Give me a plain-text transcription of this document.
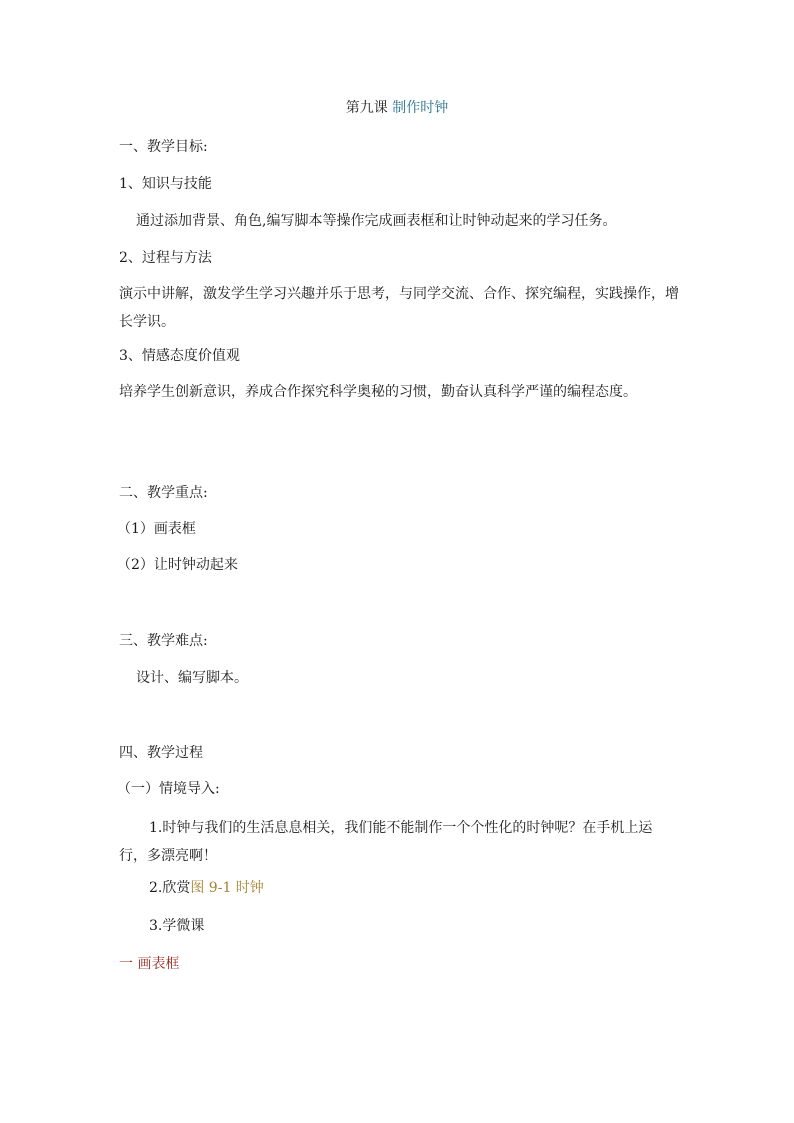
第九课 制作时钟
一、教学目标:
1、知识与技能
通过添加背景、角色,编写脚本等操作完成画表框和让时钟动起来的学习任务。
2、过程与方法
演示中讲解，激发学生学习兴趣并乐于思考，与同学交流、合作、探究编程，实践操作，增长学识。
3、情感态度价值观
培养学生创新意识，养成合作探究科学奥秘的习惯，勤奋认真科学严谨的编程态度。
二、教学重点:
（1）画表框
（2）让时钟动起来
三、教学难点:
设计、编写脚本。
四、教学过程
（一）情境导入:
1.时钟与我们的生活息息相关，我们能不能制作一个个性化的时钟呢？在手机上运行，多漂亮啊！
2.欣赏图 9-1 时钟
3.学微课
一 画表框
